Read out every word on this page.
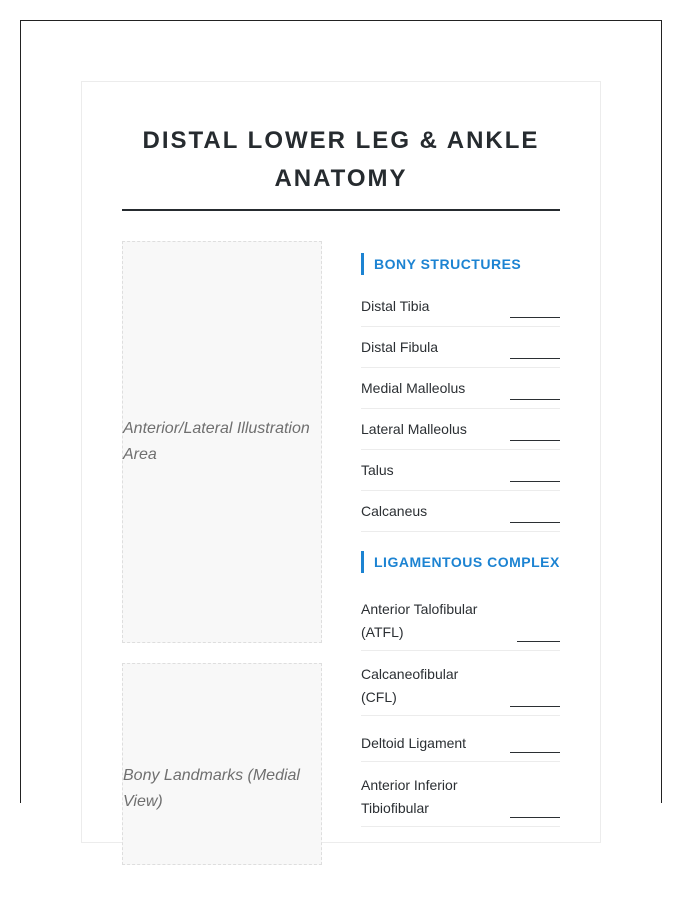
DISTAL LOWER LEG & ANKLE ANATOMY
Anterior/Lateral Illustration Area
Bony Landmarks (Medial View)
BONY STRUCTURES
Distal Tibia
Distal Fibula
Medial Malleolus
Lateral Malleolus
Talus
Calcaneus
LIGAMENTOUS COMPLEX
Anterior Talofibular (ATFL)
Calcaneofibular (CFL)
Deltoid Ligament
Anterior Inferior Tibiofibular
